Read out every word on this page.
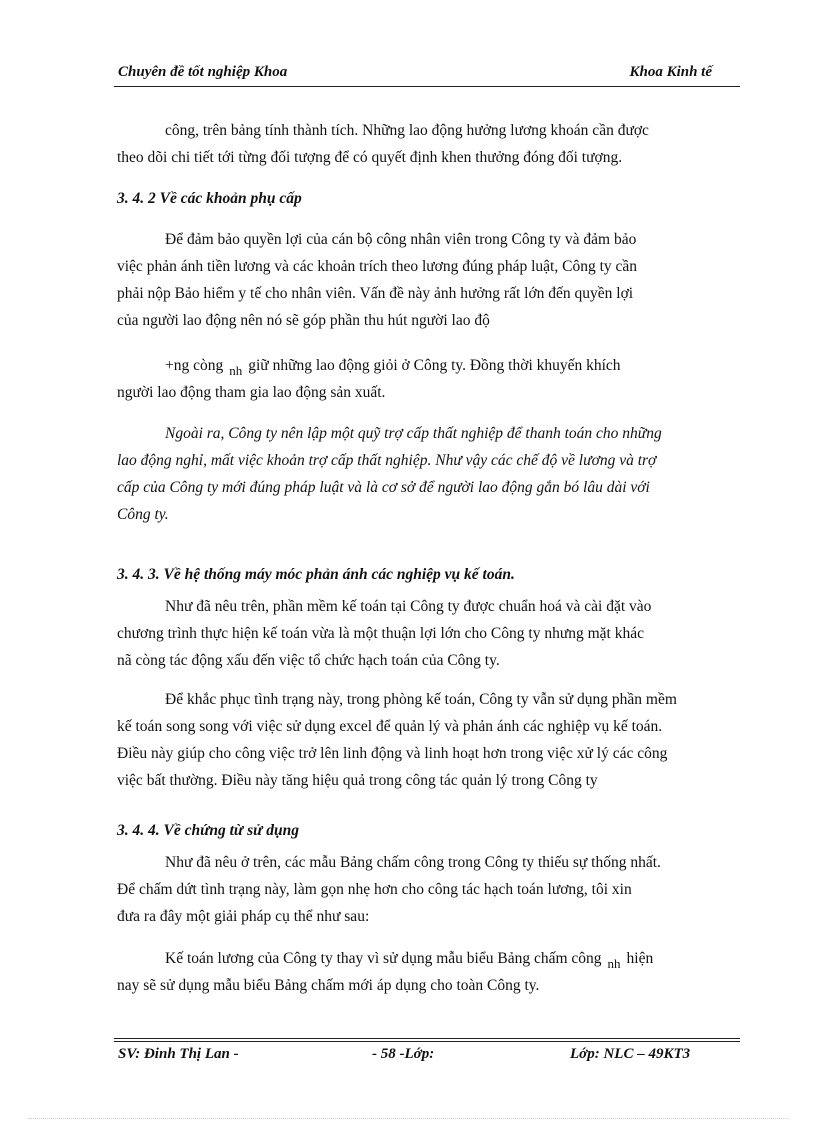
Chuyên đề tốt nghiệp Khoa	Khoa Kinh tế
công, trên bảng tính thành tích. Những lao động hưởng lương khoán cần được
theo dõi chi tiết tới từng đối tượng để có quyết định khen thưởng đóng đối tượng.
3. 4. 2 Về các khoản phụ cấp
Để đảm bảo quyền lợi của cán bộ công nhân viên trong Công ty và đảm bảo
việc phản ánh tiền lương và các khoản trích theo lương đúng pháp luật, Công ty cần
phải nộp Bảo hiểm y tế cho nhân viên. Vấn đề này ảnh hưởng rất lớn đến quyền lợi
của người lao động nên nó sẽ góp phần thu hút người lao độ
+ng còng $_{nh}$ giữ những lao động giỏi ở Công ty. Đồng thời khuyến khích
người lao động tham gia lao động sản xuất.
Ngoài ra, Công ty nên lập một quỹ trợ cấp thất nghiệp để thanh toán cho những
lao động nghỉ, mất việc khoản trợ cấp thất nghiệp. Như vậy các chế độ về lương và trợ
cấp của Công ty mới đúng pháp luật và là cơ sở để người lao động gắn bó lâu dài với
Công ty.
3. 4. 3. Về hệ thống máy móc phản ánh các nghiệp vụ kế toán.
Như đã nêu trên, phần mềm kế toán tại Công ty được chuẩn hoá và cài đặt vào
chương trình thực hiện kế toán vừa là một thuận lợi lớn cho Công ty nhưng mặt khác
nã còng tác động xấu đến việc tổ chức hạch toán của Công ty.
Để khắc phục tình trạng này, trong phòng kế toán, Công ty vẫn sử dụng phần mềm
kế toán song song với việc sử dụng excel để quản lý và phản ánh các nghiệp vụ kế toán.
Điều này giúp cho công việc trở lên linh động và linh hoạt hơn trong việc xử lý các công
việc bất thường. Điều này tăng hiệu quả trong công tác quản lý trong Công ty
3. 4. 4. Về chứng từ sử dụng
Như đã nêu ở trên, các mẫu Bảng chấm công trong Công ty thiếu sự thống nhất.
Để chấm dứt tình trạng này, làm gọn nhẹ hơn cho công tác hạch toán lương, tôi xin
đưa ra đây một giải pháp cụ thể như sau:
Kế toán lương của Công ty thay vì sử dụng mẫu biểu Bảng chấm công $_{nh}$ hiện
nay sẽ sử dụng mẫu biểu Bảng chấm mới áp dụng cho toàn Công ty.
SV: Đinh Thị Lan -	- 58 -Lớp:	Lớp: NLC – 49KT3
